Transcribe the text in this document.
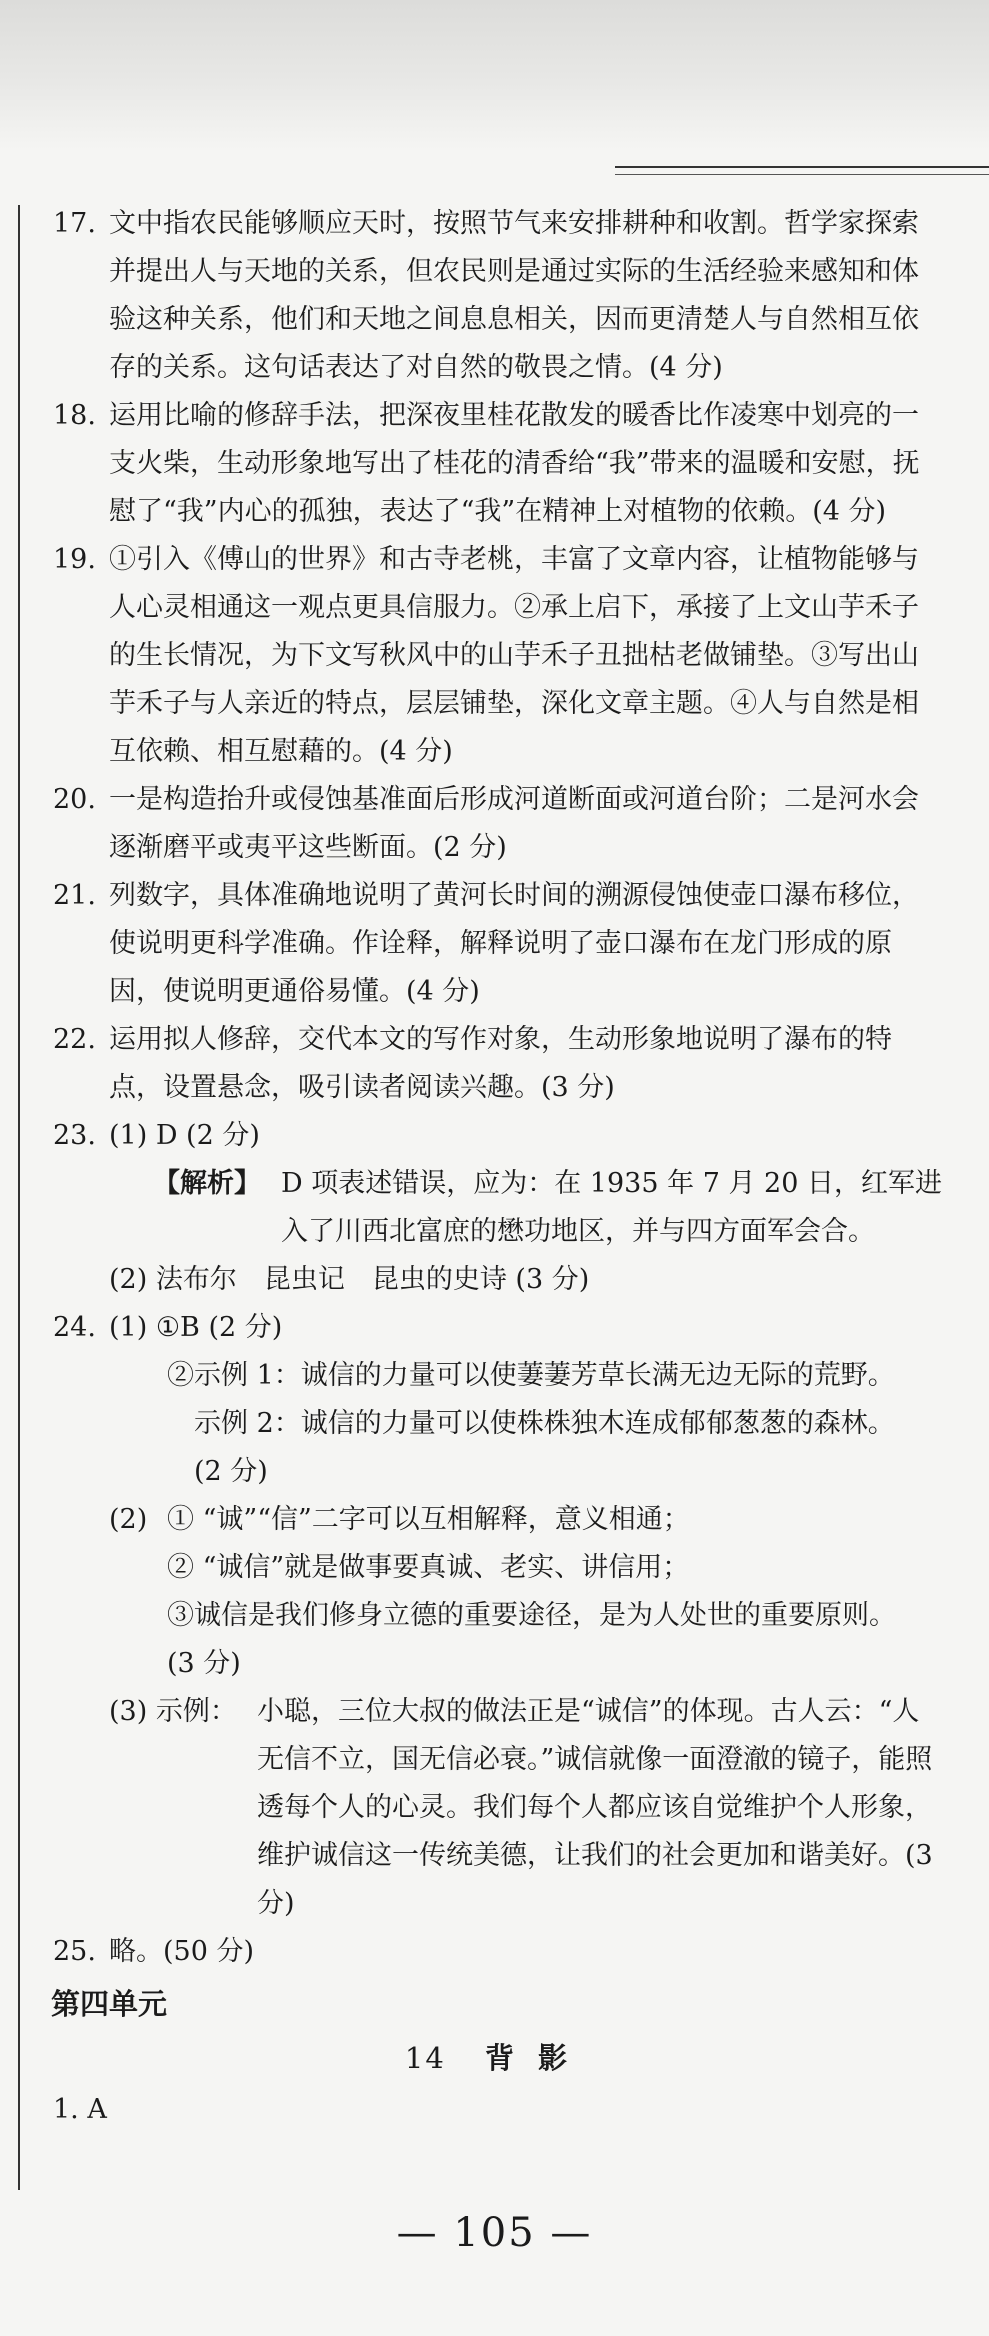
17. 文中指农民能够顺应天时，按照节气来安排耕种和收割。哲学家探索并提出人与天地的关系，但农民则是通过实际的生活经验来感知和体验这种关系，他们和天地之间息息相关，因而更清楚人与自然相互依存的关系。这句话表达了对自然的敬畏之情。(4 分)
18. 运用比喻的修辞手法，把深夜里桂花散发的暖香比作凌寒中划亮的一支火柴，生动形象地写出了桂花的清香给“我”带来的温暖和安慰，抚慰了“我”内心的孤独，表达了“我”在精神上对植物的依赖。(4 分)
19. ①引入《傅山的世界》和古寺老桃，丰富了文章内容，让植物能够与人心灵相通这一观点更具信服力。②承上启下，承接了上文山芋禾子的生长情况，为下文写秋风中的山芋禾子丑拙枯老做铺垫。③写出山芋禾子与人亲近的特点，层层铺垫，深化文章主题。④人与自然是相互依赖、相互慰藉的。(4 分)
20. 一是构造抬升或侵蚀基准面后形成河道断面或河道台阶；二是河水会逐渐磨平或夷平这些断面。(2 分)
21. 列数字，具体准确地说明了黄河长时间的溯源侵蚀使壶口瀑布移位，使说明更科学准确。作诠释，解释说明了壶口瀑布在龙门形成的原因，使说明更通俗易懂。(4 分)
22. 运用拟人修辞，交代本文的写作对象，生动形象地说明了瀑布的特点，设置悬念，吸引读者阅读兴趣。(3 分)
23. (1) D (2 分)
【解析】 D 项表述错误，应为：在 1935 年 7 月 20 日，红军进入了川西北富庶的懋功地区，并与四方面军会合。
(2) 法布尔　昆虫记　昆虫的史诗 (3 分)
24. (1) ①B (2 分)
②示例 1：诚信的力量可以使萋萋芳草长满无边无际的荒野。
示例 2：诚信的力量可以使株株独木连成郁郁葱葱的森林。
(2 分)
(2) ① “诚”“信”二字可以互相解释，意义相通；
② “诚信”就是做事要真诚、老实、讲信用；
③诚信是我们修身立德的重要途径，是为人处世的重要原则。
(3 分)
(3) 示例： 小聪，三位大叔的做法正是“诚信”的体现。古人云：“人无信不立，国无信必衰。”诚信就像一面澄澈的镜子，能照透每个人的心灵。我们每个人都应该自觉维护个人形象，维护诚信这一传统美德，让我们的社会更加和谐美好。(3 分)
25. 略。(50 分)
第四单元
14 背影
1. A
— 105 —
